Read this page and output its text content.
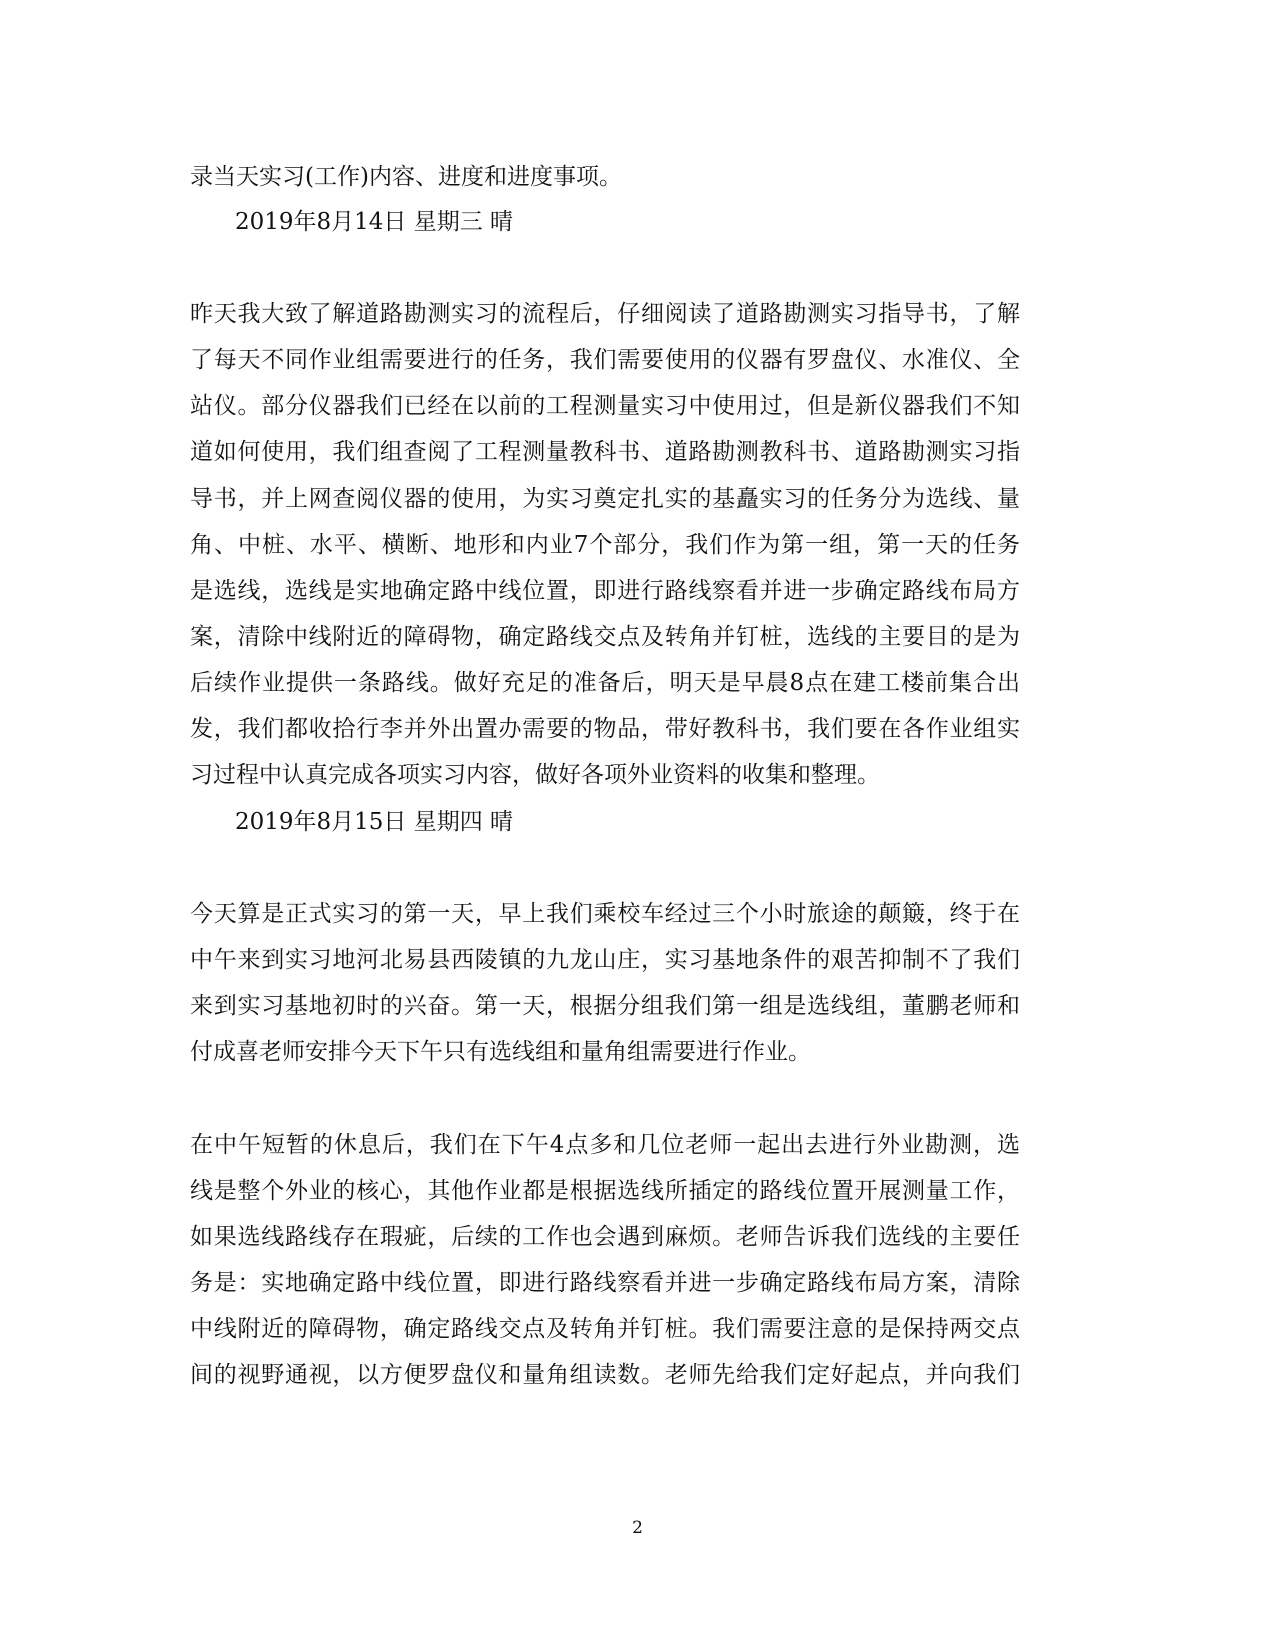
录当天实习(工作)内容、进度和进度事项。
2019年8月14日 星期三 晴
昨天我大致了解道路勘测实习的流程后，仔细阅读了道路勘测实习指导书，了解
了每天不同作业组需要进行的任务，我们需要使用的仪器有罗盘仪、水准仪、全
站仪。部分仪器我们已经在以前的工程测量实习中使用过，但是新仪器我们不知
道如何使用，我们组查阅了工程测量教科书、道路勘测教科书、道路勘测实习指
导书，并上网查阅仪器的使用，为实习奠定扎实的基矗实习的任务分为选线、量
角、中桩、水平、横断、地形和内业7个部分，我们作为第一组，第一天的任务
是选线，选线是实地确定路中线位置，即进行路线察看并进一步确定路线布局方
案，清除中线附近的障碍物，确定路线交点及转角并钉桩，选线的主要目的是为
后续作业提供一条路线。做好充足的准备后，明天是早晨8点在建工楼前集合出
发，我们都收拾行李并外出置办需要的物品，带好教科书，我们要在各作业组实
习过程中认真完成各项实习内容，做好各项外业资料的收集和整理。
2019年8月15日 星期四 晴
今天算是正式实习的第一天，早上我们乘校车经过三个小时旅途的颠簸，终于在
中午来到实习地河北易县西陵镇的九龙山庄，实习基地条件的艰苦抑制不了我们
来到实习基地初时的兴奋。第一天，根据分组我们第一组是选线组，董鹏老师和
付成喜老师安排今天下午只有选线组和量角组需要进行作业。
在中午短暂的休息后，我们在下午4点多和几位老师一起出去进行外业勘测，选
线是整个外业的核心，其他作业都是根据选线所插定的路线位置开展测量工作，
如果选线路线存在瑕疵，后续的工作也会遇到麻烦。老师告诉我们选线的主要任
务是：实地确定路中线位置，即进行路线察看并进一步确定路线布局方案，清除
中线附近的障碍物，确定路线交点及转角并钉桩。我们需要注意的是保持两交点
间的视野通视，以方便罗盘仪和量角组读数。老师先给我们定好起点，并向我们
2
